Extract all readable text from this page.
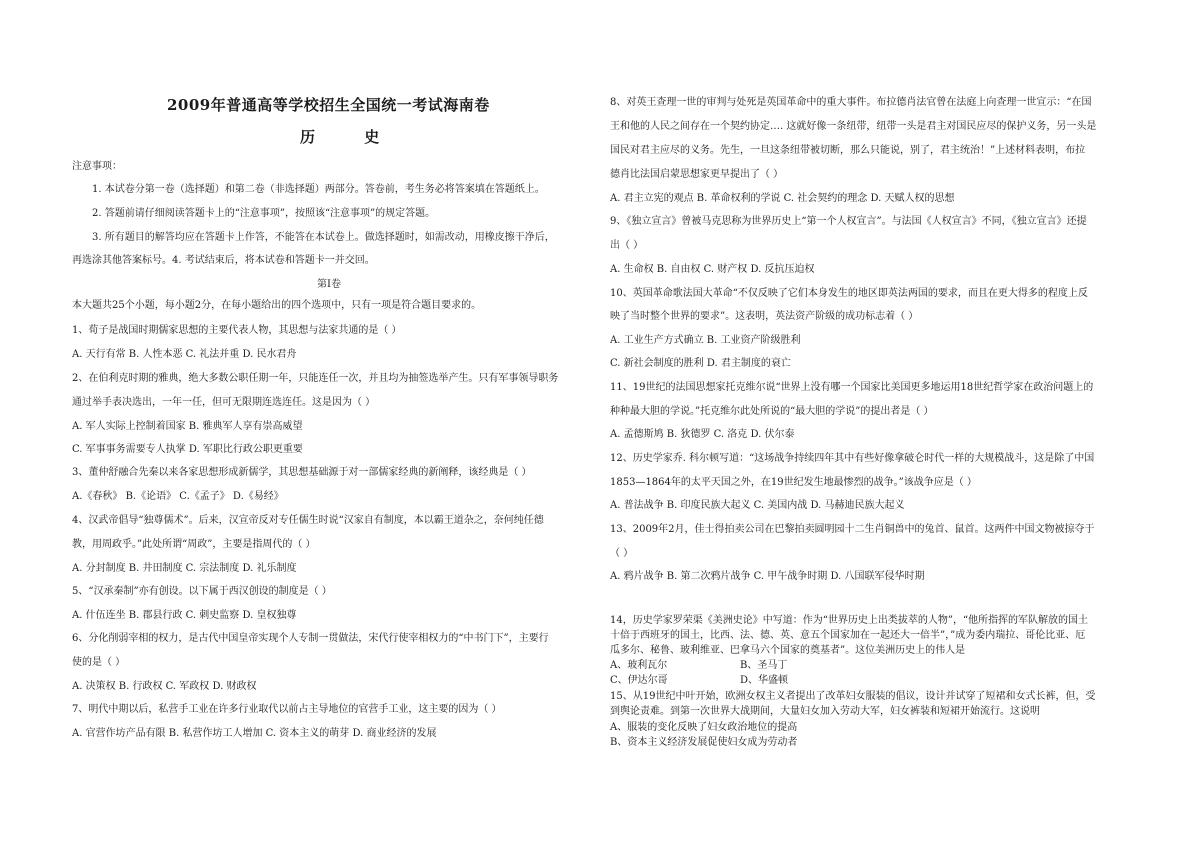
2009年普通高等学校招生全国统一考试海南卷
历 史
注意事项：
1. 本试卷分第一卷（选择题）和第二卷（非选择题）两部分。答卷前，考生务必将答案填在答题纸上。
2. 答题前请仔细阅读答题卡上的“注意事项”，按照该“注意事项”的规定答题。
3. 所有题目的解答均应在答题卡上作答，不能答在本试卷上。做选择题时，如需改动，用橡皮擦干净后，
再选涂其他答案标号。4. 考试结束后，将本试卷和答题卡一并交回。
第Ⅰ卷
本大题共25个小题，每小题2分，在每小题给出的四个选项中，只有一项是符合题目要求的。
1、荀子是战国时期儒家思想的主要代表人物，其思想与法家共通的是（ ）
A. 天行有常 B. 人性本恶 C. 礼法并重 D. 民水君舟
2、在伯利克时期的雅典，绝大多数公职任期一年，只能连任一次，并且均为抽签选举产生。只有军事领导职务
通过举手表决选出，一年一任，但可无限期连选连任。这是因为（ ）
A. 军人实际上控制着国家 B. 雅典军人享有崇高威望
C. 军事事务需要专人执掌 D. 军职比行政公职更重要
3、董仲舒融合先秦以来各家思想形成新儒学，其思想基础源于对一部儒家经典的新阐释，该经典是（ ）
A.《春秋》 B.《论语》 C.《孟子》 D.《易经》
4、汉武帝倡导“独尊儒术”。后来，汉宣帝反对专任儒生时说“汉家自有制度，本以霸王道杂之，奈何纯任德
教，用周政乎。”此处所谓“周政”，主要是指周代的（ ）
A. 分封制度 B. 井田制度 C. 宗法制度 D. 礼乐制度
5、“汉承秦制”亦有创设。以下属于西汉创设的制度是（ ）
A. 什伍连坐 B. 郡县行政 C. 刺史监察 D. 皇权独尊
6、分化削弱宰相的权力，是古代中国皇帝实现个人专制一贯做法，宋代行使宰相权力的“中书门下”，主要行
使的是（ ）
A. 决策权 B. 行政权 C. 军政权 D. 财政权
7、明代中期以后，私营手工业在许多行业取代以前占主导地位的官营手工业，这主要的因为（ ）
A. 官营作坊产品有限 B. 私营作坊工人增加 C. 资本主义的萌芽 D. 商业经济的发展
8、对英王查理一世的审判与处死是英国革命中的重大事件。布拉德肖法官曾在法庭上向查理一世宣示：“在国
王和他的人民之间存在一个契约协定…. 这就好像一条纽带，纽带一头是君主对国民应尽的保护义务，另一头是
国民对君主应尽的义务。先生，一旦这条纽带被切断，那么只能说，别了，君主统治！”上述材料表明，布拉
德肖比法国启蒙思想家更早提出了（ ）
A. 君主立宪的观点 B. 革命权利的学说 C. 社会契约的理念 D. 天赋人权的思想
9、《独立宣言》曾被马克思称为世界历史上“第一个人权宣言”。与法国《人权宣言》不同，《独立宣言》还提
出（ ）
A. 生命权 B. 自由权 C. 财产权 D. 反抗压迫权
10、英国革命歌法国大革命“不仅反映了它们本身发生的地区即英法两国的要求，而且在更大得多的程度上反
映了当时整个世界的要求”。这表明，英法资产阶级的成功标志着（ ）
A. 工业生产方式确立 B. 工业资产阶级胜利
C. 新社会制度的胜利 D. 君主制度的衰亡
11、19世纪的法国思想家托克维尔说“世界上没有哪一个国家比美国更多地运用18世纪哲学家在政治问题上的
种种最大胆的学说。”托克维尔此处所说的“最大胆的学说”的提出者是（ ）
A. 孟德斯鸠 B. 狄德罗 C. 洛克 D. 伏尔泰
12、历史学家乔. 科尔顿写道：“这场战争持续四年其中有些好像拿破仑时代一样的大规模战斗，这是除了中国
1853—1864年的太平天国之外，在19世纪发生地最惨烈的战争。”该战争应是（ ）
A. 普法战争 B. 印度民族大起义 C. 美国内战 D. 马赫迪民族大起义
13、2009年2月，佳士得拍卖公司在巴黎拍卖圆明园十二生肖铜兽中的兔首、鼠首。这两件中国文物被掠夺于
（ ）
A. 鸦片战争 B. 第二次鸦片战争 C. 甲午战争时期 D. 八国联军侵华时期
14，历史学家罗荣渠《美洲史论》中写道：作为“世界历史上出类拔萃的人物”，“他所指挥的军队解放的国土
十倍于西班牙的国土，比西、法、德、英、意五个国家加在一起还大一倍半”，”成为委内瑞拉、哥伦比亚、厄
瓜多尔、秘鲁、玻利维亚、巴拿马六个国家的奠基者”。这位美洲历史上的伟人是
A、玻利瓦尔	B、圣马丁
C、伊达尔哥	D、华盛顿
15、从19世纪中叶开始，欧洲女权主义者提出了改革妇女服装的倡议，设计并试穿了短裙和女式长裤，但，受
到舆论责难。到第一次世界大战期间，大量妇女加入劳动大军，妇女裤装和短裙开始流行。这说明
A、服装的变化反映了妇女政治地位的提高
B、资本主义经济发展促使妇女成为劳动者
